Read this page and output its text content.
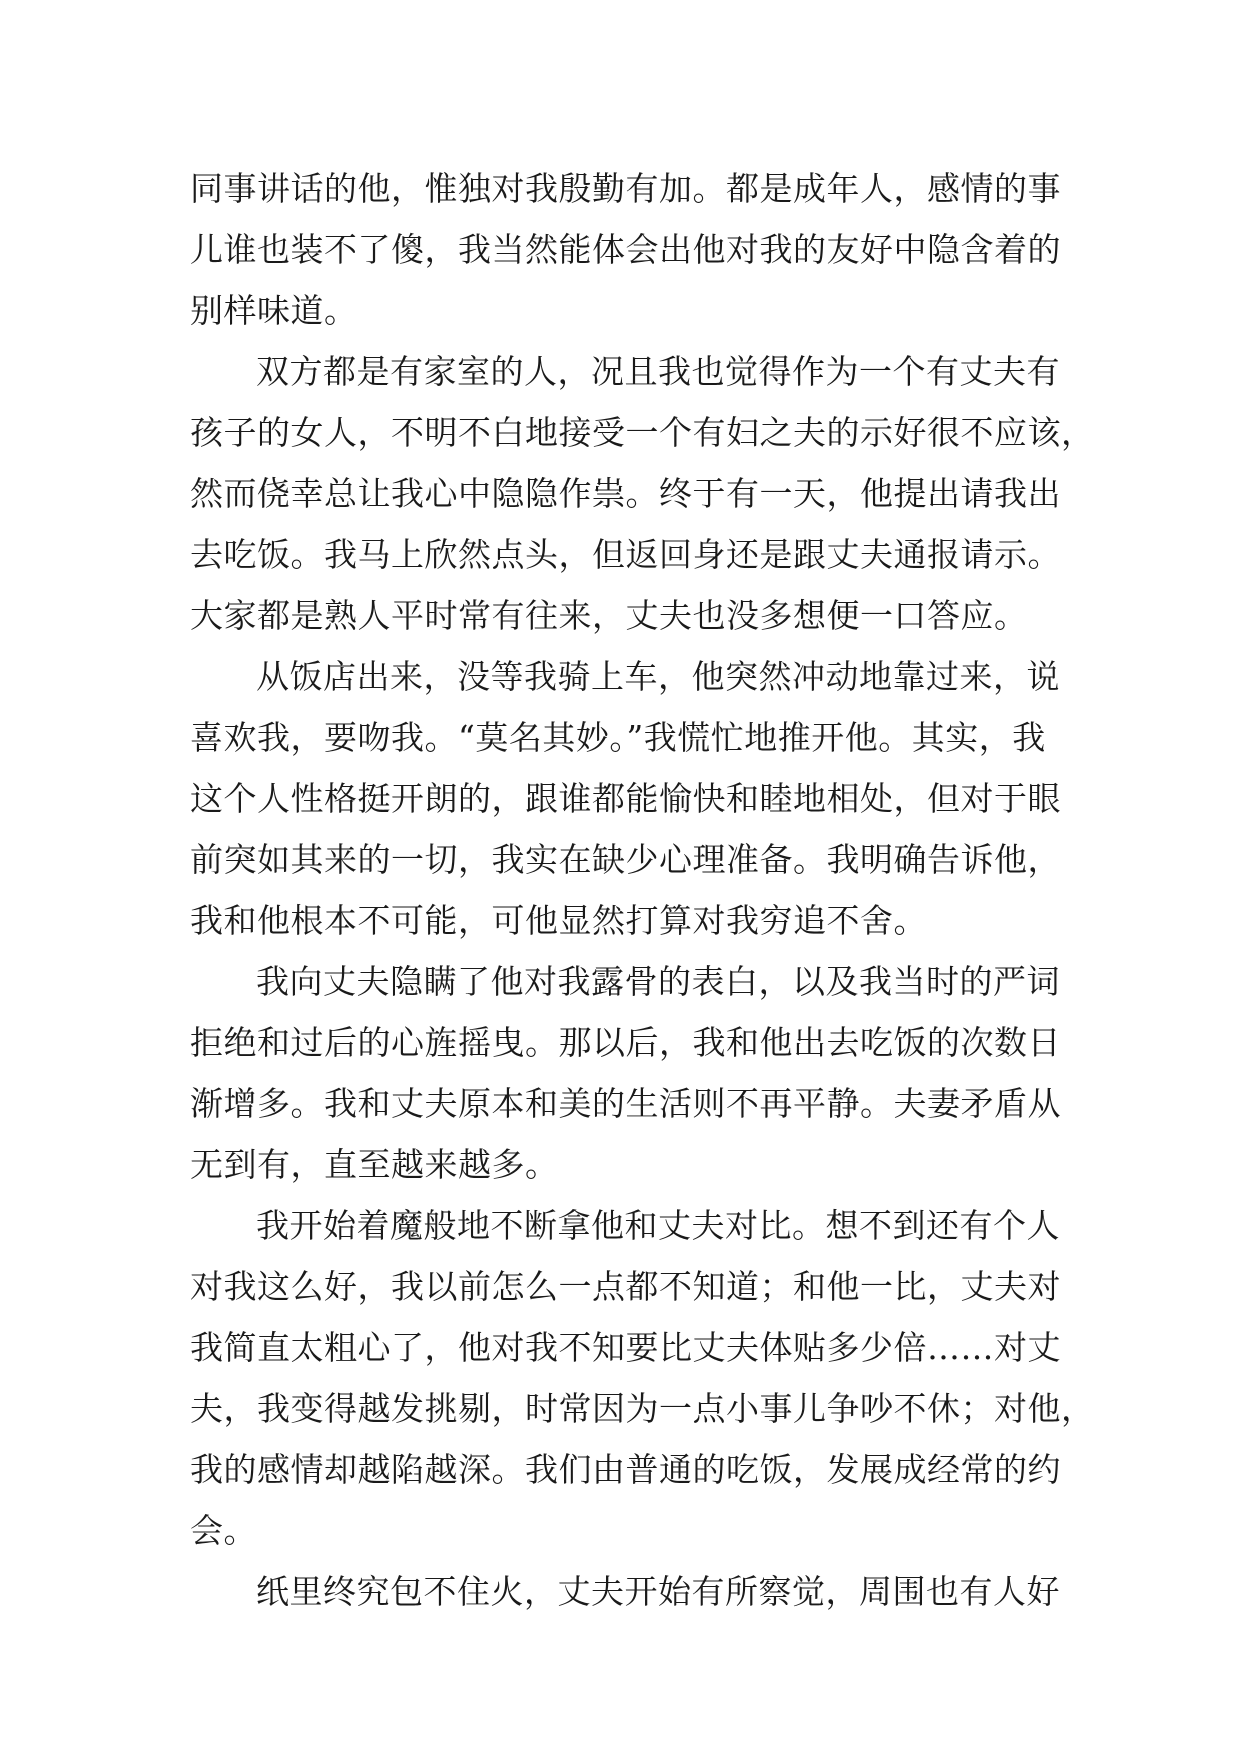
同事讲话的他，惟独对我殷勤有加。都是成年人，感情的事
儿谁也装不了傻，我当然能体会出他对我的友好中隐含着的
别样味道。
双方都是有家室的人，况且我也觉得作为一个有丈夫有
孩子的女人，不明不白地接受一个有妇之夫的示好很不应该，
然而侥幸总让我心中隐隐作祟。终于有一天，他提出请我出
去吃饭。我马上欣然点头，但返回身还是跟丈夫通报请示。
大家都是熟人平时常有往来，丈夫也没多想便一口答应。
从饭店出来，没等我骑上车，他突然冲动地靠过来，说
喜欢我，要吻我。“莫名其妙。”我慌忙地推开他。其实，我
这个人性格挺开朗的，跟谁都能愉快和睦地相处，但对于眼
前突如其来的一切，我实在缺少心理准备。我明确告诉他，
我和他根本不可能，可他显然打算对我穷追不舍。
我向丈夫隐瞒了他对我露骨的表白，以及我当时的严词
拒绝和过后的心旌摇曳。那以后，我和他出去吃饭的次数日
渐增多。我和丈夫原本和美的生活则不再平静。夫妻矛盾从
无到有，直至越来越多。
我开始着魔般地不断拿他和丈夫对比。想不到还有个人
对我这么好，我以前怎么一点都不知道；和他一比，丈夫对
我简直太粗心了，他对我不知要比丈夫体贴多少倍……对丈
夫，我变得越发挑剔，时常因为一点小事儿争吵不休；对他，
我的感情却越陷越深。我们由普通的吃饭，发展成经常的约
会。
纸里终究包不住火，丈夫开始有所察觉，周围也有人好
